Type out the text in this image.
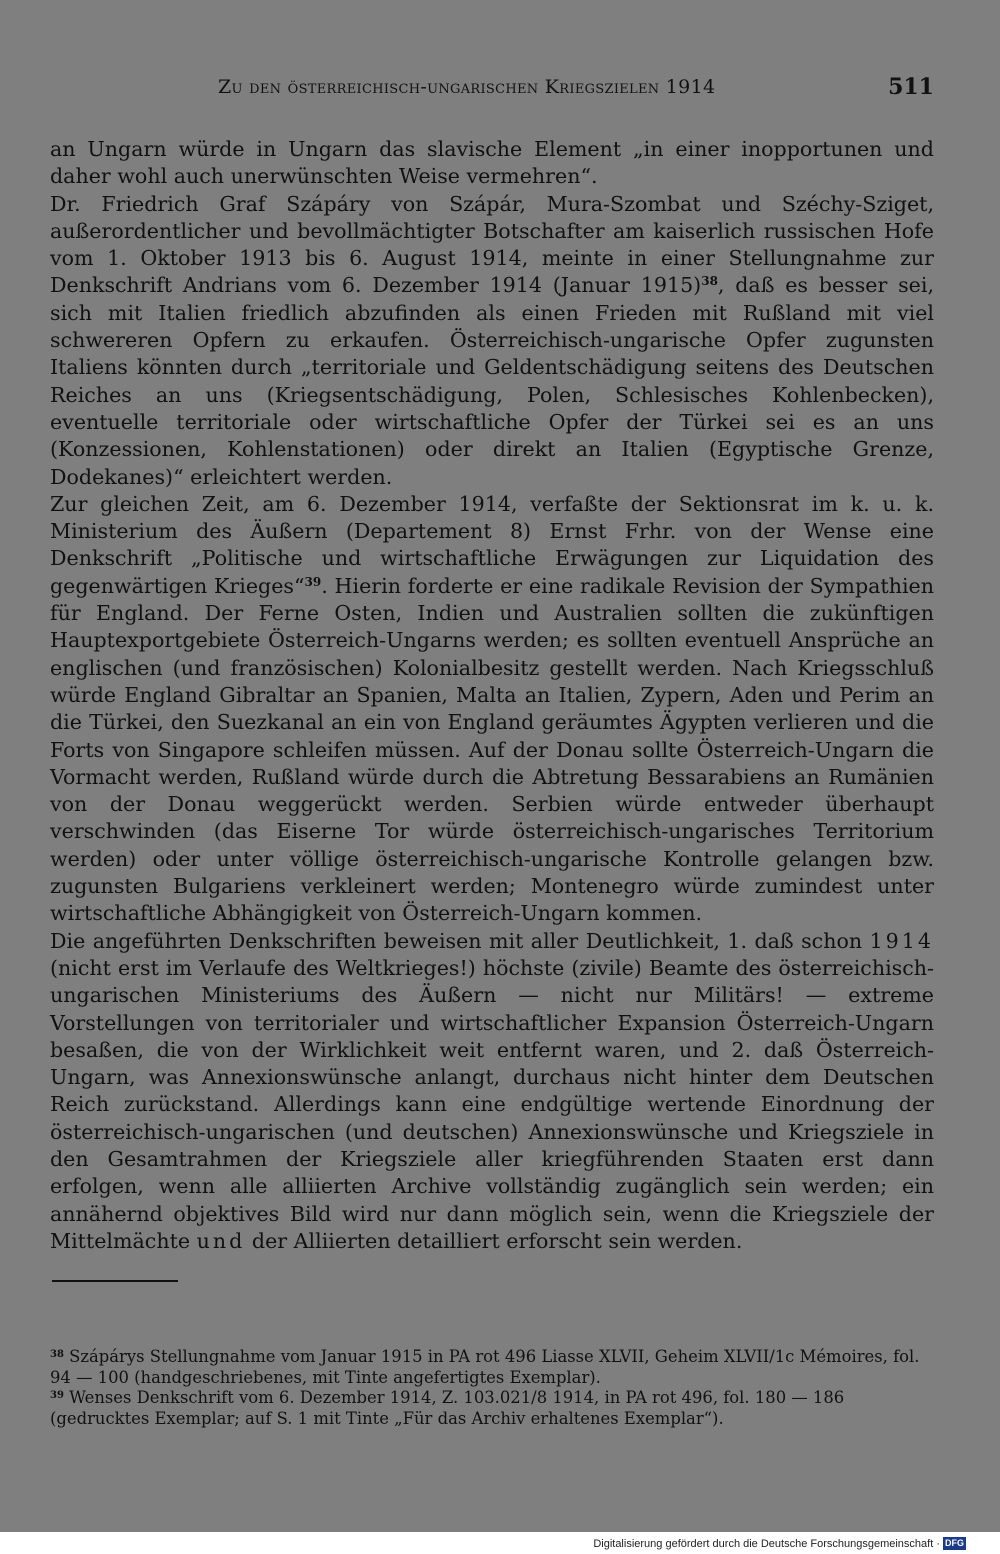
Zu den österreichisch-ungarischen Kriegszielen 1914	511

an Ungarn würde in Ungarn das slavische Element „in einer inopportunen und daher wohl auch unerwünschten Weise vermehren“.

Dr. Friedrich Graf Szápáry von Szápár, Mura-Szombat und Széchy-Sziget, außerordentlicher und bevollmächtigter Botschafter am kaiserlich russischen Hofe vom 1. Oktober 1913 bis 6. August 1914, meinte in einer Stellungnahme zur Denkschrift Andrians vom 6. Dezember 1914 (Januar 1915)$^{38}$, daß es besser sei, sich mit Italien friedlich abzufinden als einen Frieden mit Rußland mit viel schwereren Opfern zu erkaufen. Österreichisch-ungarische Opfer zugunsten Italiens könnten durch „territoriale und Geldentschädigung seitens des Deutschen Reiches an uns (Kriegsentschädigung, Polen, Schlesisches Kohlenbecken), eventuelle territoriale oder wirtschaftliche Opfer der Türkei sei es an uns (Konzessionen, Kohlenstationen) oder direkt an Italien (Egyptische Grenze, Dodekanes)“ erleichtert werden.

Zur gleichen Zeit, am 6. Dezember 1914, verfaßte der Sektionsrat im k. u. k. Ministerium des Äußern (Departement 8) Ernst Frhr. von der Wense eine Denkschrift „Politische und wirtschaftliche Erwägungen zur Liquidation des gegenwärtigen Krieges“$^{39}$. Hierin forderte er eine radikale Revision der Sympathien für England. Der Ferne Osten, Indien und Australien sollten die zukünftigen Hauptexportgebiete Österreich-Ungarns werden; es sollten eventuell Ansprüche an englischen (und französischen) Kolonialbesitz gestellt werden. Nach Kriegsschluß würde England Gibraltar an Spanien, Malta an Italien, Zypern, Aden und Perim an die Türkei, den Suezkanal an ein von England geräumtes Ägypten verlieren und die Forts von Singapore schleifen müssen. Auf der Donau sollte Österreich-Ungarn die Vormacht werden, Rußland würde durch die Abtretung Bessarabiens an Rumänien von der Donau weggerückt werden. Serbien würde entweder überhaupt verschwinden (das Eiserne Tor würde österreichisch-ungarisches Territorium werden) oder unter völlige österreichisch-ungarische Kontrolle gelangen bzw. zugunsten Bulgariens verkleinert werden; Montenegro würde zumindest unter wirtschaftliche Abhängigkeit von Österreich-Ungarn kommen.

Die angeführten Denkschriften beweisen mit aller Deutlichkeit, 1. daß schon 1914 (nicht erst im Verlaufe des Weltkrieges!) höchste (zivile) Beamte des österreichisch-ungarischen Ministeriums des Äußern — nicht nur Militärs! — extreme Vorstellungen von territorialer und wirtschaftlicher Expansion Österreich-Ungarn besaßen, die von der Wirklichkeit weit entfernt waren, und 2. daß Österreich-Ungarn, was Annexionswünsche anlangt, durchaus nicht hinter dem Deutschen Reich zurückstand. Allerdings kann eine endgültige wertende Einordnung der österreichisch-ungarischen (und deutschen) Annexionswünsche und Kriegsziele in den Gesamtrahmen der Kriegsziele aller kriegführenden Staaten erst dann erfolgen, wenn alle alliierten Archive vollständig zugänglich sein werden; ein annähernd objektives Bild wird nur dann möglich sein, wenn die Kriegsziele der Mittelmächte und der Alliierten detailliert erforscht sein werden.

$^{38}$ Szápárys Stellungnahme vom Januar 1915 in PA rot 496 Liasse XLVII, Geheim XLVII/1c Mémoires, fol. 94 — 100 (handgeschriebenes, mit Tinte angefertigtes Exemplar).

$^{39}$ Wenses Denkschrift vom 6. Dezember 1914, Z. 103.021/8 1914, in PA rot 496, fol. 180 — 186 (gedrucktes Exemplar; auf S. 1 mit Tinte „Für das Archiv erhaltenes Exemplar“).

Digitalisierung gefördert durch die Deutsche Forschungsgemeinschaft · DFG
